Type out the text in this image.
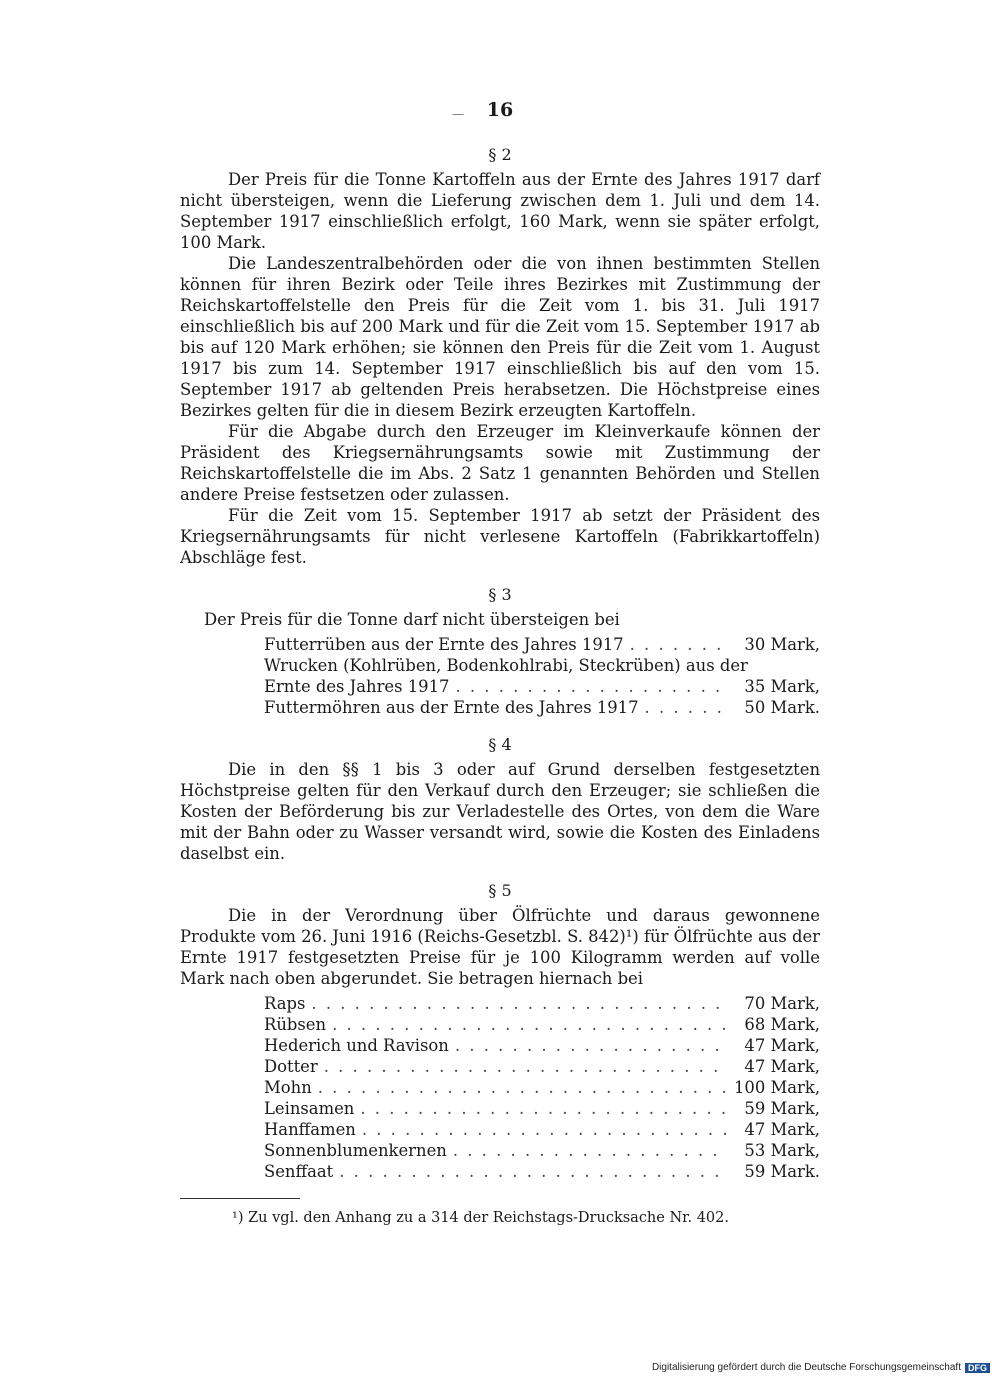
— 16
§ 2

Der Preis für die Tonne Kartoffeln aus der Ernte des Jahres 1917 darf nicht übersteigen, wenn die Lieferung zwischen dem 1. Juli und dem 14. September 1917 einschließlich erfolgt, 160 Mark, wenn sie später erfolgt, 100 Mark.

Die Landeszentralbehörden oder die von ihnen bestimmten Stellen können für ihren Bezirk oder Teile ihres Bezirkes mit Zustimmung der Reichskartoffelstelle den Preis für die Zeit vom 1. bis 31. Juli 1917 einschließlich bis auf 200 Mark und für die Zeit vom 15. September 1917 ab bis auf 120 Mark erhöhen; sie können den Preis für die Zeit vom 1. August 1917 bis zum 14. September 1917 einschließlich bis auf den vom 15. September 1917 ab geltenden Preis herabsetzen. Die Höchstpreise eines Bezirkes gelten für die in diesem Bezirk erzeugten Kartoffeln.

Für die Abgabe durch den Erzeuger im Kleinverkaufe können der Präsident des Kriegsernährungsamts sowie mit Zustimmung der Reichskartoffelstelle die im Abs. 2 Satz 1 genannten Behörden und Stellen andere Preise festsetzen oder zulassen.

Für die Zeit vom 15. September 1917 ab setzt der Präsident des Kriegsernährungsamts für nicht verlesene Kartoffeln (Fabrikkartoffeln) Abschläge fest.

§ 3

Der Preis für die Tonne darf nicht übersteigen bei

Futterrüben aus der Ernte des Jahres 1917 . . .	30 Mark,
Wrucken (Kohlrüben, Bodenkohlrabi, Steckrüben) aus der
Ernte des Jahres 1917 . . .	35 Mark,
Futtermöhren aus der Ernte des Jahres 1917 . . .	50 Mark.
§ 4

Die in den §§ 1 bis 3 oder auf Grund derselben festgesetzten Höchstpreise gelten für den Verkauf durch den Erzeuger; sie schließen die Kosten der Beförderung bis zur Verladestelle des Ortes, von dem die Ware mit der Bahn oder zu Wasser versandt wird, sowie die Kosten des Einladens daselbst ein.

§ 5

Die in der Verordnung über Ölfrüchte und daraus gewonnene Produkte vom 26. Juni 1916 (Reichs-Gesetzbl. S. 842)¹) für Ölfrüchte aus der Ernte 1917 festgesetzten Preise für je 100 Kilogramm werden auf volle Mark nach oben abgerundet. Sie betragen hiernach bei

Raps . . .	70 Mark,
Rübsen . . .	68 Mark,
Hederich und Ravison . . .	47 Mark,
Dotter . . .	47 Mark,
Mohn . . .	100 Mark,
Leinsamen . . .	59 Mark,
Hanffamen . . .	47 Mark,
Sonnenblumenkernen . . .	53 Mark,
Senffaat . . .	59 Mark.
¹) Zu vgl. den Anhang zu a 314 der Reichstags-Drucksache Nr. 402.
Digitalisierung gefördert durch die Deutsche Forschungsgemeinschaft DFG
